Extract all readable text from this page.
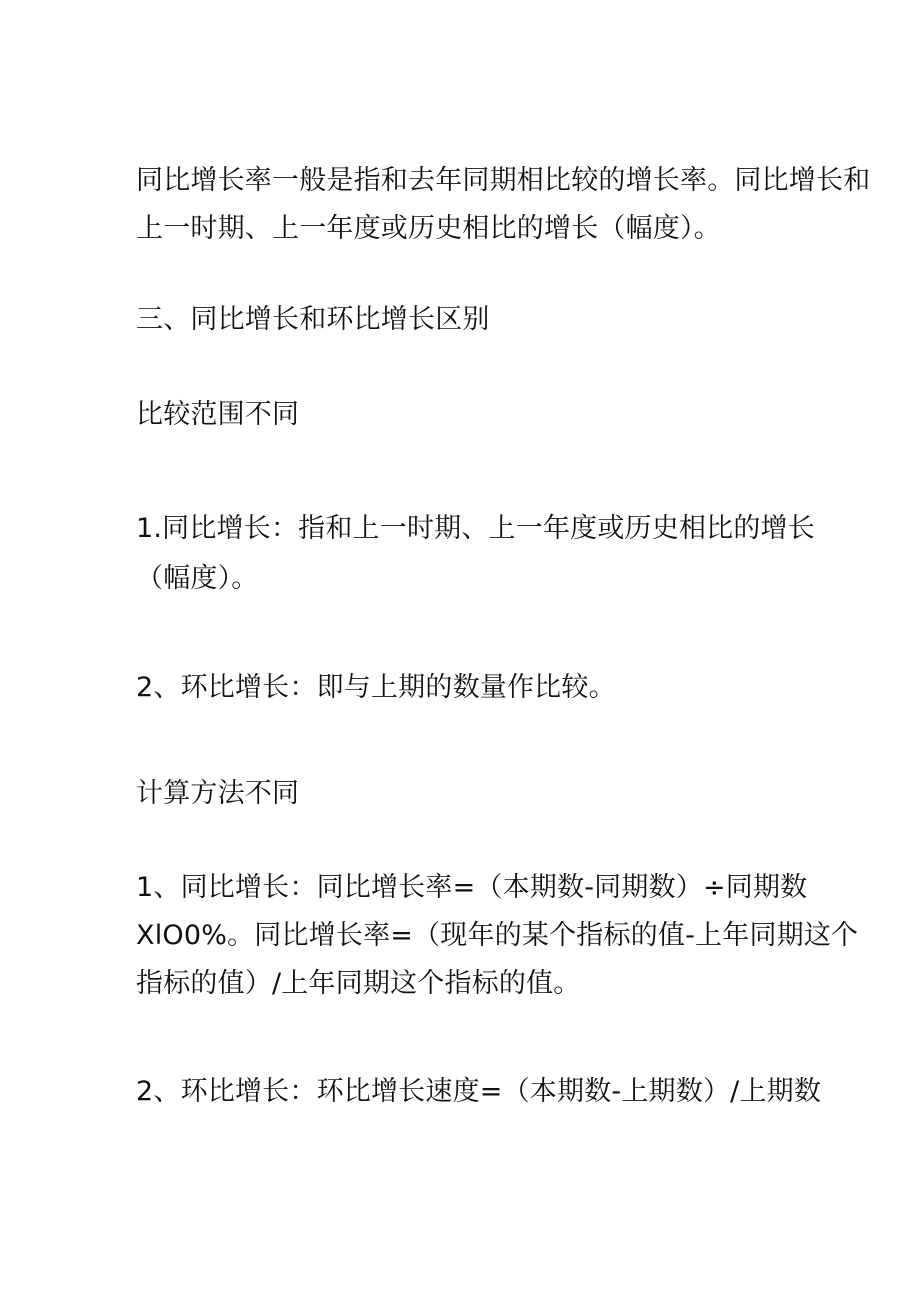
同比增长率一般是指和去年同期相比较的增长率。同比增长和
上一时期、上一年度或历史相比的增长（幅度）。
三、同比增长和环比增长区别
比较范围不同
1.同比增长：指和上一时期、上一年度或历史相比的增长
（幅度）。
2、环比增长：即与上期的数量作比较。
计算方法不同
1、同比增长：同比增长率=（本期数-同期数）÷同期数
XlO0%。同比增长率=（现年的某个指标的值-上年同期这个
指标的值）/上年同期这个指标的值。
2、环比增长：环比增长速度=（本期数-上期数）/上期数
